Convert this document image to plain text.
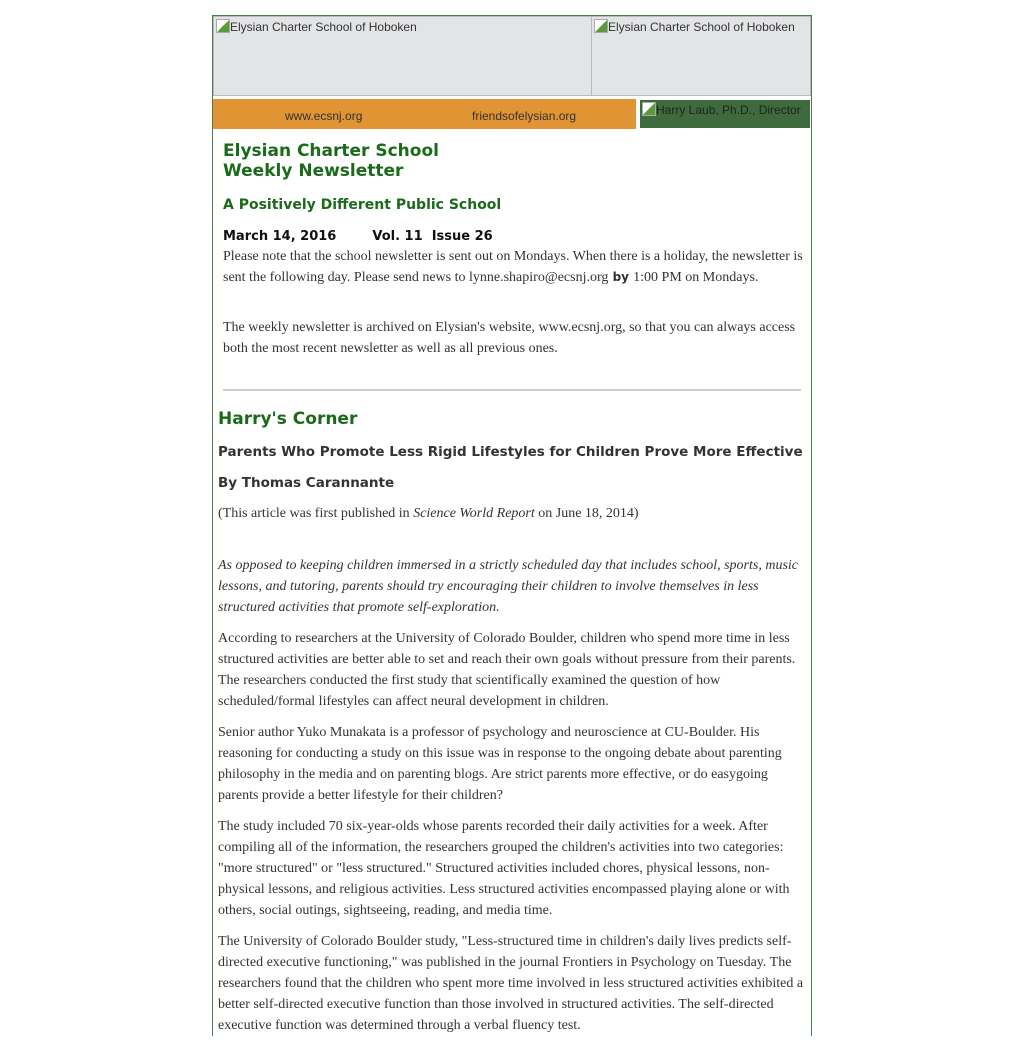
Elysian Charter School of Hoboken	Elysian Charter School of Hoboken
www.ecsnj.org	friendsofelysian.org	Harry Laub, Ph.D., Director
Elysian Charter School
Weekly Newsletter
A Positively Different Public School
March 14, 2016	Vol. 11  Issue 26
Please note that the school newsletter is sent out on Mondays. When there is a holiday, the newsletter is sent the following day. Please send news to lynne.shapiro@ecsnj.org by 1:00 PM on Mondays.
The weekly newsletter is archived on Elysian's website, www.ecsnj.org, so that you can always access both the most recent newsletter as well as all previous ones.
Harry's Corner
Parents Who Promote Less Rigid Lifestyles for Children Prove More Effective
By Thomas Carannante
(This article was first published in Science World Report on June 18, 2014)
As opposed to keeping children immersed in a strictly scheduled day that includes school, sports, music lessons, and tutoring, parents should try encouraging their children to involve themselves in less structured activities that promote self-exploration.

According to researchers at the University of Colorado Boulder, children who spend more time in less structured activities are better able to set and reach their own goals without pressure from their parents. The researchers conducted the first study that scientifically examined the question of how scheduled/formal lifestyles can affect neural development in children.

Senior author Yuko Munakata is a professor of psychology and neuroscience at CU-Boulder. His reasoning for conducting a study on this issue was in response to the ongoing debate about parenting philosophy in the media and on parenting blogs. Are strict parents more effective, or do easygoing parents provide a better lifestyle for their children?

The study included 70 six-year-olds whose parents recorded their daily activities for a week. After compiling all of the information, the researchers grouped the children's activities into two categories: "more structured" or "less structured." Structured activities included chores, physical lessons, non-physical lessons, and religious activities. Less structured activities encompassed playing alone or with others, social outings, sightseeing, reading, and media time.

The University of Colorado Boulder study, "Less-structured time in children's daily lives predicts self-directed executive functioning," was published in the journal Frontiers in Psychology on Tuesday. The researchers found that the children who spent more time involved in less structured activities exhibited a better self-directed executive function than those involved in structured activities. The self-directed executive function was determined through a verbal fluency test.
